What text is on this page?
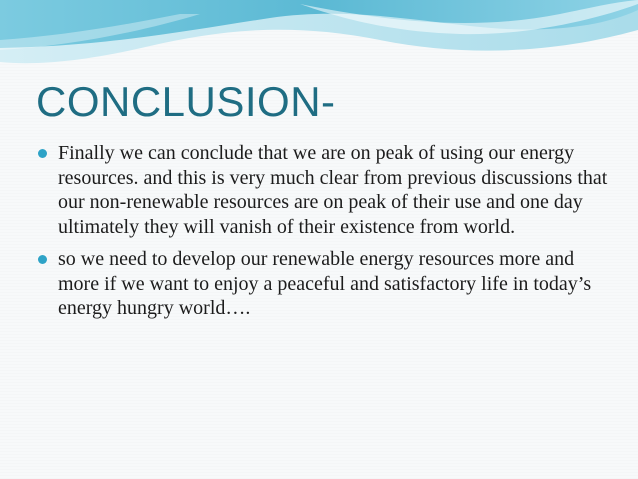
CONCLUSION-
Finally we can conclude that we are on peak of using our energy resources. and this is very much clear from previous discussions that our non-renewable resources are on peak of their use and one day ultimately they will vanish of their existence from world.
so we need to develop our renewable energy resources more and more if we want to enjoy a peaceful and satisfactory life in today’s energy hungry world….
